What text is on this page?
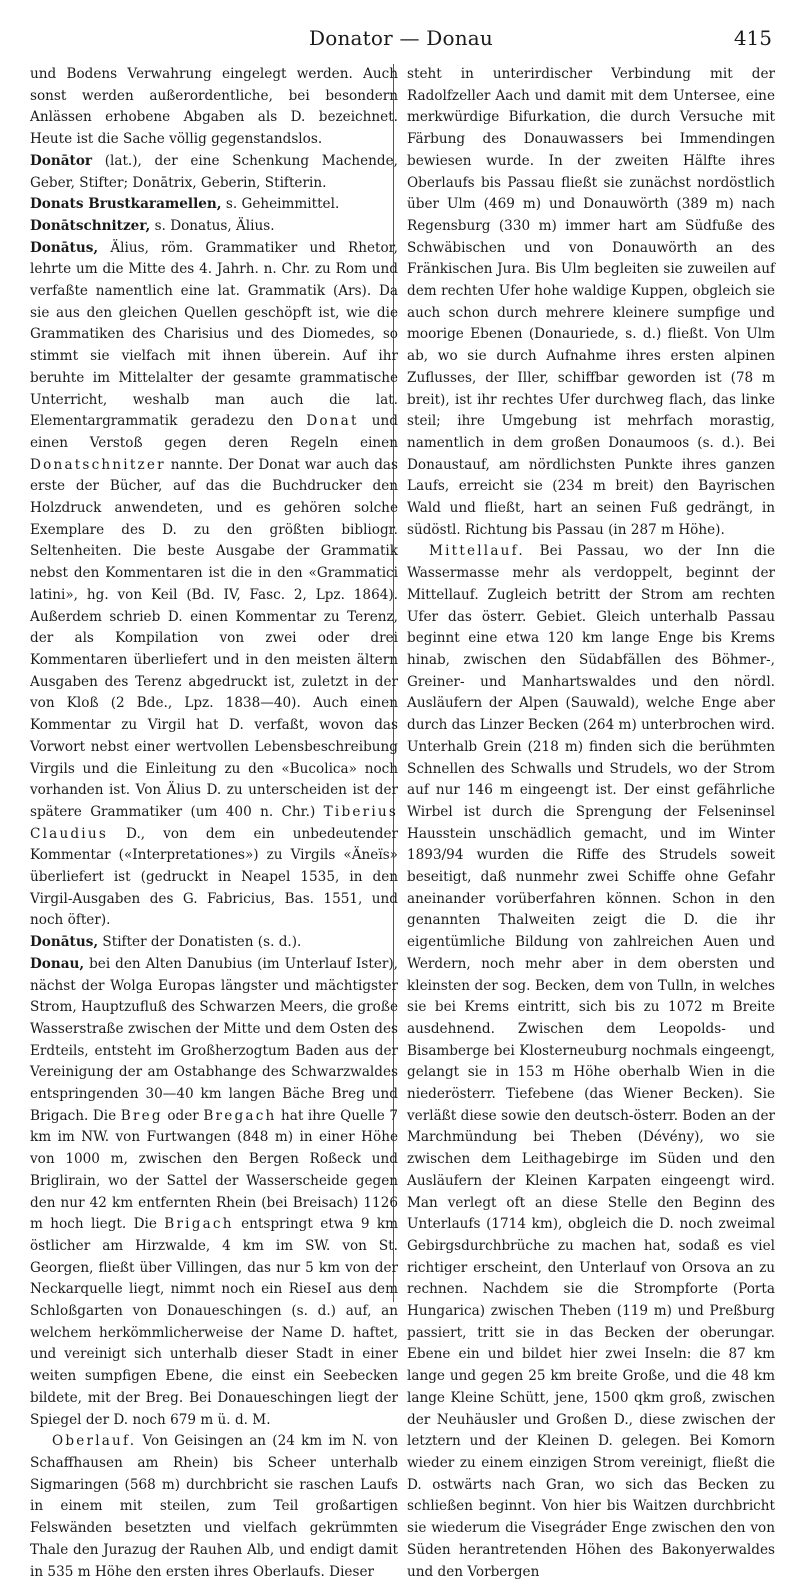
Donator — Donau	415

und Bodens Verwahrung eingelegt werden. Auch sonst werden außerordentliche, bei besondern Anlässen erhobene Abgaben als D. bezeichnet. Heute ist die Sache völlig gegenstandslos.

Donātor (lat.), der eine Schenkung Machende, Geber, Stifter; Donātrix, Geberin, Stifterin.

Donats Brustkaramellen, s. Geheimmittel.

Donātschnitzer, s. Donatus, Älius.

Donātus, Älius, röm. Grammatiker und Rhetor, lehrte um die Mitte des 4. Jahrh. n. Chr. zu Rom und verfaßte namentlich eine lat. Grammatik (Ars). Da sie aus den gleichen Quellen geschöpft ist, wie die Grammatiken des Charisius und des Diomedes, so stimmt sie vielfach mit ihnen überein. Auf ihr beruhte im Mittelalter der gesamte grammatische Unterricht, weshalb man auch die lat. Elementargrammatik geradezu den Donat und einen Verstoß gegen deren Regeln einen Donatschnitzer nannte. Der Donat war auch das erste der Bücher, auf das die Buchdrucker den Holzdruck anwendeten, und es gehören solche Exemplare des D. zu den größten bibliogr. Seltenheiten. Die beste Ausgabe der Grammatik nebst den Kommentaren ist die in den «Grammatici latini», hg. von Keil (Bd. IV, Fasc. 2, Lpz. 1864). Außerdem schrieb D. einen Kommentar zu Terenz, der als Kompilation von zwei oder drei Kommentaren überliefert und in den meisten ältern Ausgaben des Terenz abgedruckt ist, zuletzt in der von Kloß (2 Bde., Lpz. 1838—40). Auch einen Kommentar zu Virgil hat D. verfaßt, wovon das Vorwort nebst einer wertvollen Lebensbeschreibung Virgils und die Einleitung zu den «Bucolica» noch vorhanden ist. Von Älius D. zu unterscheiden ist der spätere Grammatiker (um 400 n. Chr.) Tiberius Claudius D., von dem ein unbedeutender Kommentar («Interpretationes») zu Virgils «Äneïs» überliefert ist (gedruckt in Neapel 1535, in den Virgil-Ausgaben des G. Fabricius, Bas. 1551, und noch öfter).

Donātus, Stifter der Donatisten (s. d.).

Donau, bei den Alten Danubius (im Unterlauf Ister), nächst der Wolga Europas längster und mächtigster Strom, Hauptzufluß des Schwarzen Meers, die große Wasserstraße zwischen der Mitte und dem Osten des Erdteils, entsteht im Großherzogtum Baden aus der Vereinigung der am Ostabhange des Schwarzwaldes entspringenden 30—40 km langen Bäche Breg und Brigach. Die Breg oder Bregach hat ihre Quelle 7 km im NW. von Furtwangen (848 m) in einer Höhe von 1000 m, zwischen den Bergen Roßeck und Briglirain, wo der Sattel der Wasserscheide gegen den nur 42 km entfernten Rhein (bei Breisach) 1126 m hoch liegt. Die Brigach entspringt etwa 9 km östlicher am Hirzwalde, 4 km im SW. von St. Georgen, fließt über Villingen, das nur 5 km von der Neckarquelle liegt, nimmt noch ein RieseI aus dem Schloßgarten von Donaueschingen (s. d.) auf, an welchem herkömmlicherweise der Name D. haftet, und vereinigt sich unterhalb dieser Stadt in einer weiten sumpfigen Ebene, die einst ein Seebecken bildete, mit der Breg. Bei Donaueschingen liegt der Spiegel der D. noch 679 m ü. d. M.

Oberlauf. Von Geisingen an (24 km im N. von Schaffhausen am Rhein) bis Scheer unterhalb Sigmaringen (568 m) durchbricht sie raschen Laufs in einem mit steilen, zum Teil großartigen Felswänden besetzten und vielfach gekrümmten Thale den Jurazug der Rauhen Alb, und endigt damit in 535 m Höhe den ersten ihres Oberlaufs. Dieser

steht in unterirdischer Verbindung mit der Radolfzeller Aach und damit mit dem Untersee, eine merkwürdige Bifurkation, die durch Versuche mit Färbung des Donauwassers bei Immendingen bewiesen wurde. In der zweiten Hälfte ihres Oberlaufs bis Passau fließt sie zunächst nordöstlich über Ulm (469 m) und Donauwörth (389 m) nach Regensburg (330 m) immer hart am Südfuße des Schwäbischen und von Donauwörth an des Fränkischen Jura. Bis Ulm begleiten sie zuweilen auf dem rechten Ufer hohe waldige Kuppen, obgleich sie auch schon durch mehrere kleinere sumpfige und moorige Ebenen (Donauriede, s. d.) fließt. Von Ulm ab, wo sie durch Aufnahme ihres ersten alpinen Zuflusses, der Iller, schiffbar geworden ist (78 m breit), ist ihr rechtes Ufer durchweg flach, das linke steil; ihre Umgebung ist mehrfach morastig, namentlich in dem großen Donaumoos (s. d.). Bei Donaustauf, am nördlichsten Punkte ihres ganzen Laufs, erreicht sie (234 m breit) den Bayrischen Wald und fließt, hart an seinen Fuß gedrängt, in südöstl. Richtung bis Passau (in 287 m Höhe).

Mittellauf. Bei Passau, wo der Inn die Wassermasse mehr als verdoppelt, beginnt der Mittellauf. Zugleich betritt der Strom am rechten Ufer das österr. Gebiet. Gleich unterhalb Passau beginnt eine etwa 120 km lange Enge bis Krems hinab, zwischen den Südabfällen des Böhmer-, Greiner- und Manhartswaldes und den nördl. Ausläufern der Alpen (Sauwald), welche Enge aber durch das Linzer Becken (264 m) unterbrochen wird. Unterhalb Grein (218 m) finden sich die berühmten Schnellen des Schwalls und Strudels, wo der Strom auf nur 146 m eingeengt ist. Der einst gefährliche Wirbel ist durch die Sprengung der Felseninsel Hausstein unschädlich gemacht, und im Winter 1893/94 wurden die Riffe des Strudels soweit beseitigt, daß nunmehr zwei Schiffe ohne Gefahr aneinander vorüberfahren können. Schon in den genannten Thalweiten zeigt die D. die ihr eigentümliche Bildung von zahlreichen Auen und Werdern, noch mehr aber in dem obersten und kleinsten der sog. Becken, dem von Tulln, in welches sie bei Krems eintritt, sich bis zu 1072 m Breite ausdehnend. Zwischen dem Leopolds- und Bisamberge bei Klosterneuburg nochmals eingeengt, gelangt sie in 153 m Höhe oberhalb Wien in die niederösterr. Tiefebene (das Wiener Becken). Sie verläßt diese sowie den deutsch-österr. Boden an der Marchmündung bei Theben (Dévény), wo sie zwischen dem Leithagebirge im Süden und den Ausläufern der Kleinen Karpaten eingeengt wird. Man verlegt oft an diese Stelle den Beginn des Unterlaufs (1714 km), obgleich die D. noch zweimal Gebirgsdurchbrüche zu machen hat, sodaß es viel richtiger erscheint, den Unterlauf von Orsova an zu rechnen. Nachdem sie die Strompforte (Porta Hungarica) zwischen Theben (119 m) und Preßburg passiert, tritt sie in das Becken der oberungar. Ebene ein und bildet hier zwei Inseln: die 87 km lange und gegen 25 km breite Große, und die 48 km lange Kleine Schütt, jene, 1500 qkm groß, zwischen der Neuhäusler und Großen D., diese zwischen der letztern und der Kleinen D. gelegen. Bei Komorn wieder zu einem einzigen Strom vereinigt, fließt die D. ostwärts nach Gran, wo sich das Becken zu schließen beginnt. Von hier bis Waitzen durchbricht sie wiederum die Visegráder Enge zwischen den von Süden herantretenden Höhen des Bakonyerwaldes und den Vorbergen
